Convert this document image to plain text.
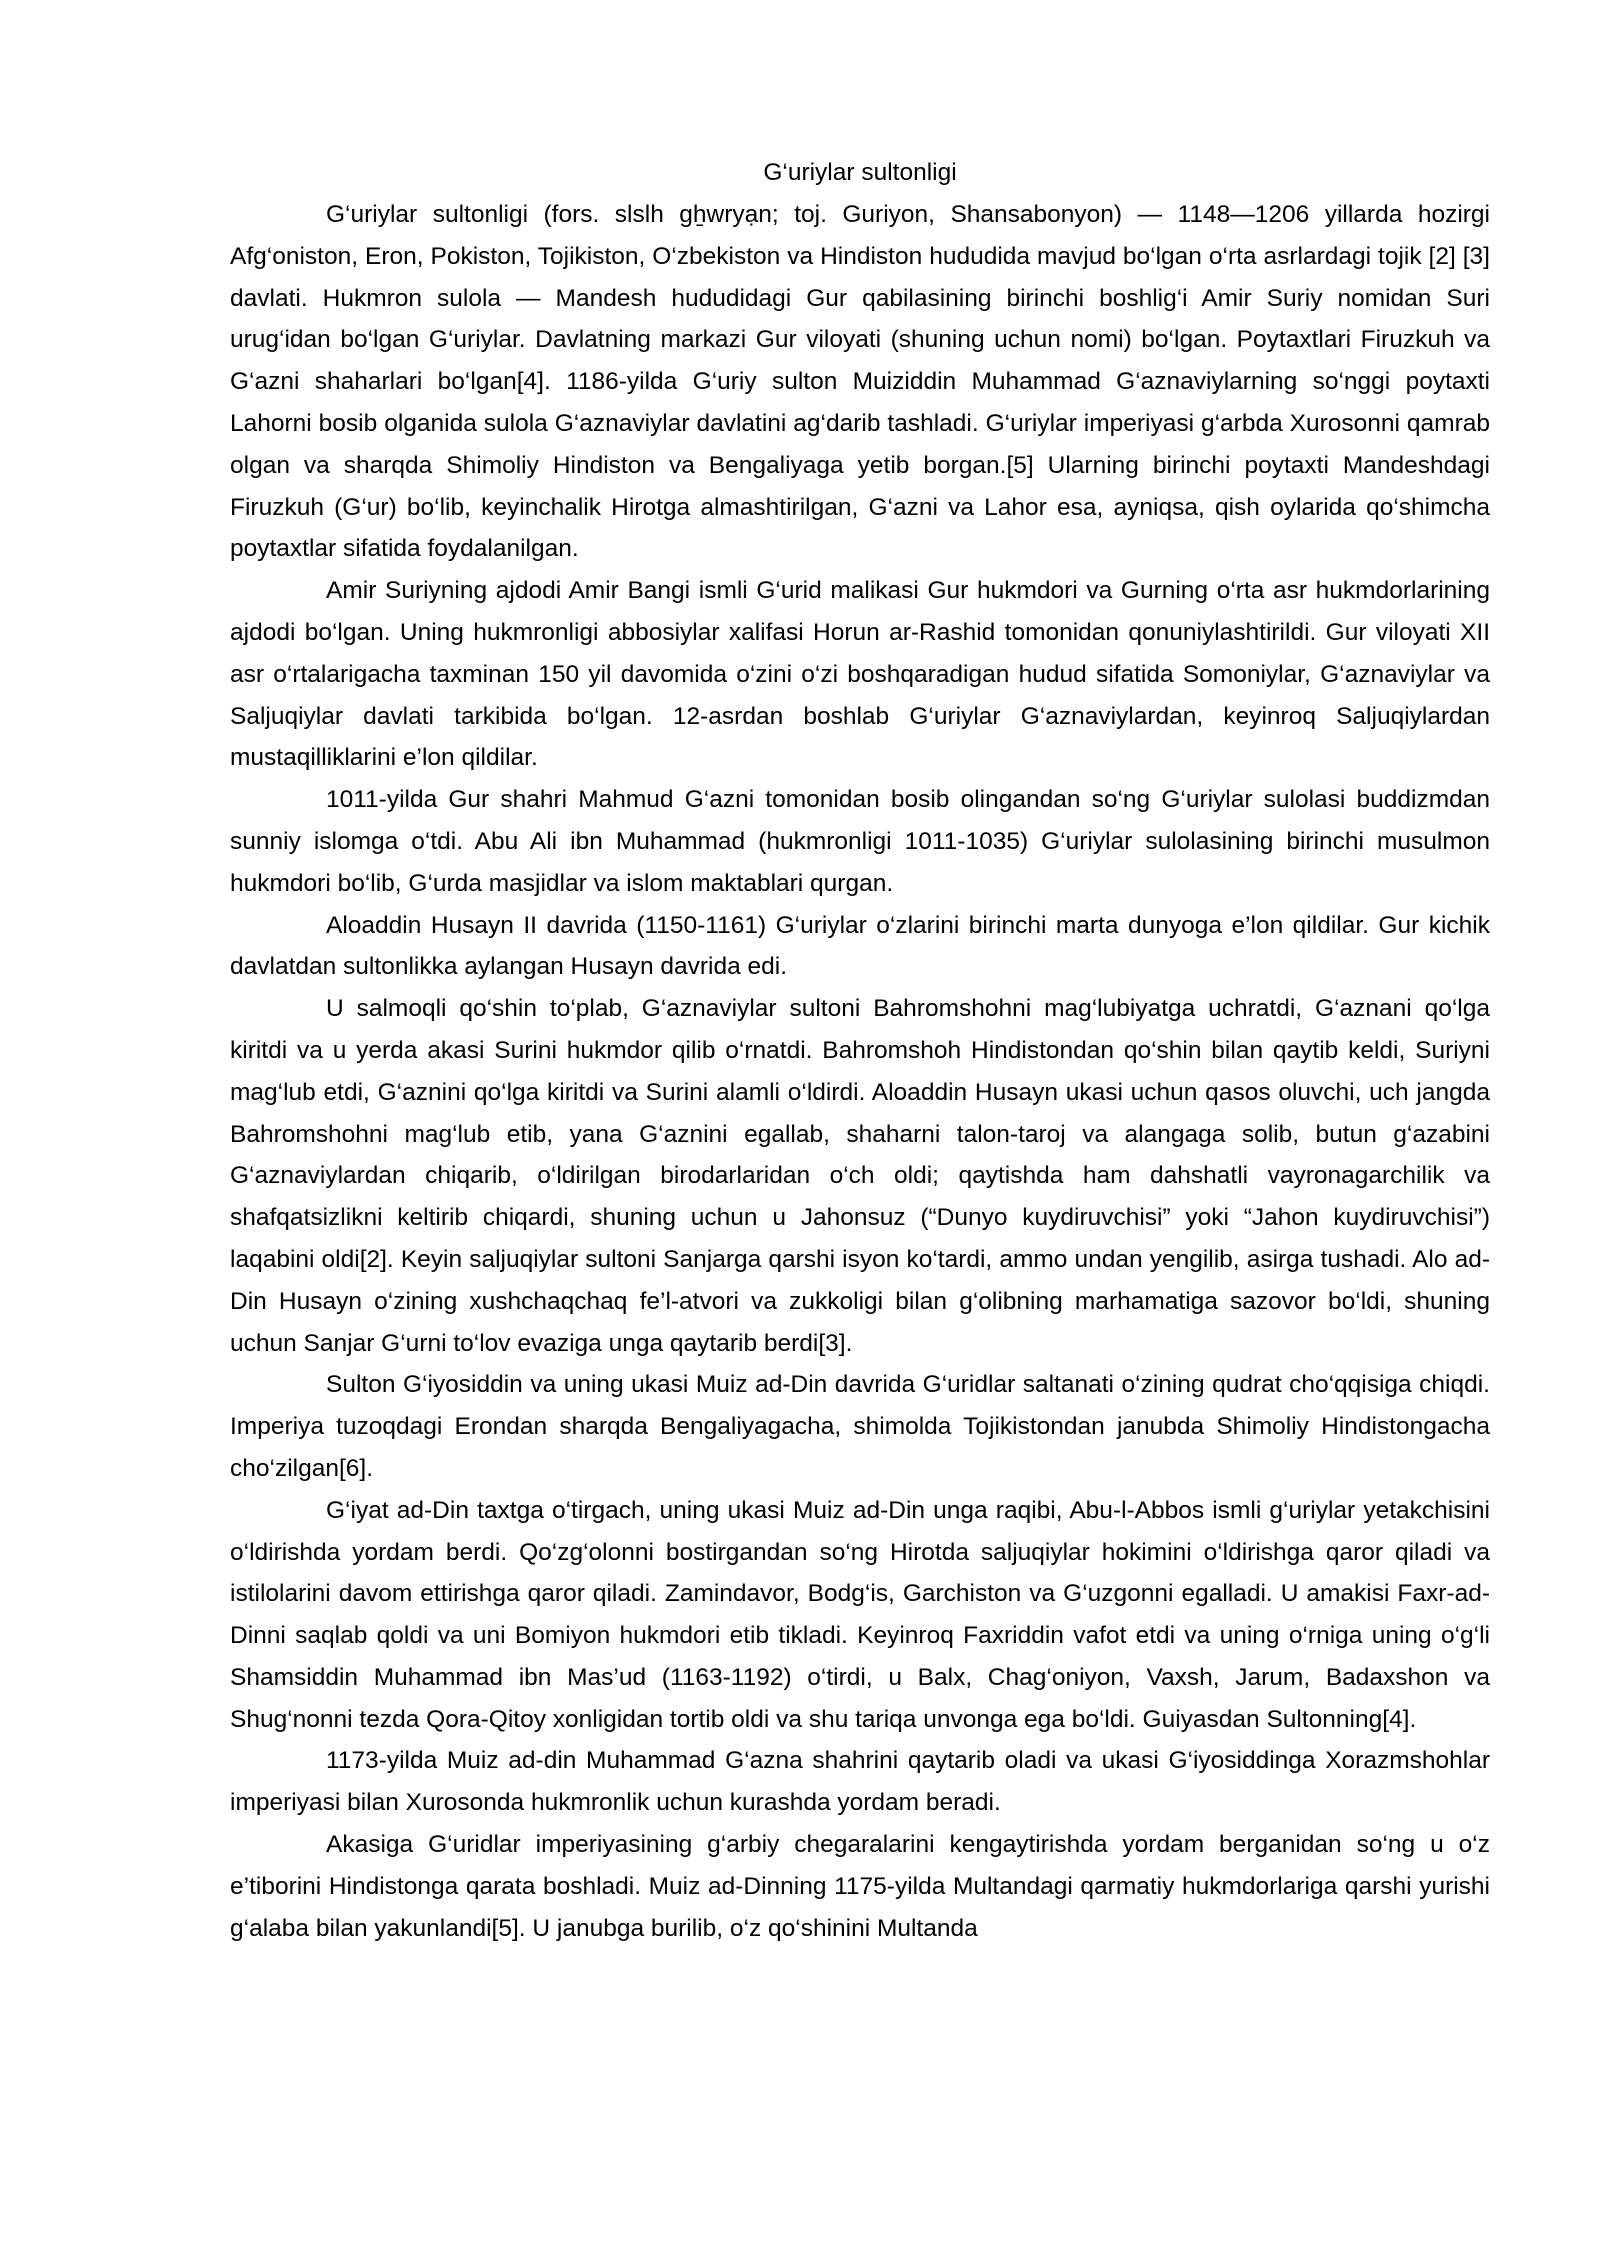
G‘uriylar sultonligi

G‘uriylar sultonligi (fors. slslh gẖwryạn; toj. Guriyon, Shansabonyon) — 1148—1206 yillarda hozirgi Afg‘oniston, Eron, Pokiston, Tojikiston, O‘zbekiston va Hindiston hududida mavjud bo‘lgan o‘rta asrlardagi tojik [2] [3] davlati. Hukmron sulola — Mandesh hududidagi Gur qabilasining birinchi boshlig‘i Amir Suriy nomidan Suri urug‘idan bo‘lgan G‘uriylar. Davlatning markazi Gur viloyati (shuning uchun nomi) bo‘lgan. Poytaxtlari Firuzkuh va G‘azni shaharlari bo‘lgan[4]. 1186-yilda G‘uriy sulton Muiziddin Muhammad G‘aznaviylarning so‘nggi poytaxti Lahorni bosib olganida sulola G‘aznaviylar davlatini ag‘darib tashladi. G‘uriylar imperiyasi g‘arbda Xurosonni qamrab olgan va sharqda Shimoliy Hindiston va Bengaliyaga yetib borgan.[5] Ularning birinchi poytaxti Mandeshdagi Firuzkuh (G‘ur) bo‘lib, keyinchalik Hirotga almashtirilgan, G‘azni va Lahor esa, ayniqsa, qish oylarida qo‘shimcha poytaxtlar sifatida foydalanilgan.

Amir Suriyning ajdodi Amir Bangi ismli G‘urid malikasi Gur hukmdori va Gurning o‘rta asr hukmdorlarining ajdodi bo‘lgan. Uning hukmronligi abbosiylar xalifasi Horun ar-Rashid tomonidan qonuniylashtirildi. Gur viloyati XII asr o‘rtalarigacha taxminan 150 yil davomida o‘zini o‘zi boshqaradigan hudud sifatida Somoniylar, G‘aznaviylar va Saljuqiylar davlati tarkibida bo‘lgan. 12-asrdan boshlab G‘uriylar G‘aznaviylardan, keyinroq Saljuqiylardan mustaqilliklarini e’lon qildilar.

1011-yilda Gur shahri Mahmud G‘azni tomonidan bosib olingandan so‘ng G‘uriylar sulolasi buddizmdan sunniy islomga o‘tdi. Abu Ali ibn Muhammad (hukmronligi 1011-1035) G‘uriylar sulolasining birinchi musulmon hukmdori bo‘lib, G‘urda masjidlar va islom maktablari qurgan.

Aloaddin Husayn II davrida (1150-1161) G‘uriylar o‘zlarini birinchi marta dunyoga e’lon qildilar. Gur kichik davlatdan sultonlikka aylangan Husayn davrida edi.

U salmoqli qo‘shin to‘plab, G‘aznaviylar sultoni Bahromshohni mag‘lubiyatga uchratdi, G‘aznani qo‘lga kiritdi va u yerda akasi Surini hukmdor qilib o‘rnatdi. Bahromshoh Hindistondan qo‘shin bilan qaytib keldi, Suriyni mag‘lub etdi, G‘aznini qo‘lga kiritdi va Surini alamli o‘ldirdi. Aloaddin Husayn ukasi uchun qasos oluvchi, uch jangda Bahromshohni mag‘lub etib, yana G‘aznini egallab, shaharni talon-taroj va alangaga solib, butun g‘azabini G‘aznaviylardan chiqarib, o‘ldirilgan birodarlaridan o‘ch oldi; qaytishda ham dahshatli vayronagarchilik va shafqatsizlikni keltirib chiqardi, shuning uchun u Jahonsuz (“Dunyo kuydiruvchisi” yoki “Jahon kuydiruvchisi”) laqabini oldi[2]. Keyin saljuqiylar sultoni Sanjarga qarshi isyon ko‘tardi, ammo undan yengilib, asirga tushadi. Alo ad-Din Husayn o‘zining xushchaqchaq fe’l-atvori va zukkoligi bilan g‘olibning marhamatiga sazovor bo‘ldi, shuning uchun Sanjar G‘urni to‘lov evaziga unga qaytarib berdi[3].

Sulton G‘iyosiddin va uning ukasi Muiz ad-Din davrida G‘uridlar saltanati o‘zining qudrat cho‘qqisiga chiqdi. Imperiya tuzoqdagi Erondan sharqda Bengaliyagacha, shimolda Tojikistondan janubda Shimoliy Hindistongacha cho‘zilgan[6].

G‘iyat ad-Din taxtga o‘tirgach, uning ukasi Muiz ad-Din unga raqibi, Abu-l-Abbos ismli g‘uriylar yetakchisini o‘ldirishda yordam berdi. Qo‘zg‘olonni bostirgandan so‘ng Hirotda saljuqiylar hokimini o‘ldirishga qaror qiladi va istilolarini davom ettirishga qaror qiladi. Zamindavor, Bodg‘is, Garchiston va G‘uzgonni egalladi. U amakisi Faxr-ad-Dinni saqlab qoldi va uni Bomiyon hukmdori etib tikladi. Keyinroq Faxriddin vafot etdi va uning o‘rniga uning o‘g‘li Shamsiddin Muhammad ibn Mas’ud (1163-1192) o‘tirdi, u Balx, Chag‘oniyon, Vaxsh, Jarum, Badaxshon va Shug‘nonni tezda Qora-Qitoy xonligidan tortib oldi va shu tariqa unvonga ega bo‘ldi. Guiyasdan Sultonning[4].

1173-yilda Muiz ad-din Muhammad G‘azna shahrini qaytarib oladi va ukasi G‘iyosiddinga Xorazmshohlar imperiyasi bilan Xurosonda hukmronlik uchun kurashda yordam beradi.

Akasiga G‘uridlar imperiyasining g‘arbiy chegaralarini kengaytirishda yordam berganidan so‘ng u o‘z e’tiborini Hindistonga qarata boshladi. Muiz ad-Dinning 1175-yilda Multandagi qarmatiy hukmdorlariga qarshi yurishi g‘alaba bilan yakunlandi[5]. U janubga burilib, o‘z qo‘shinini Multanda
